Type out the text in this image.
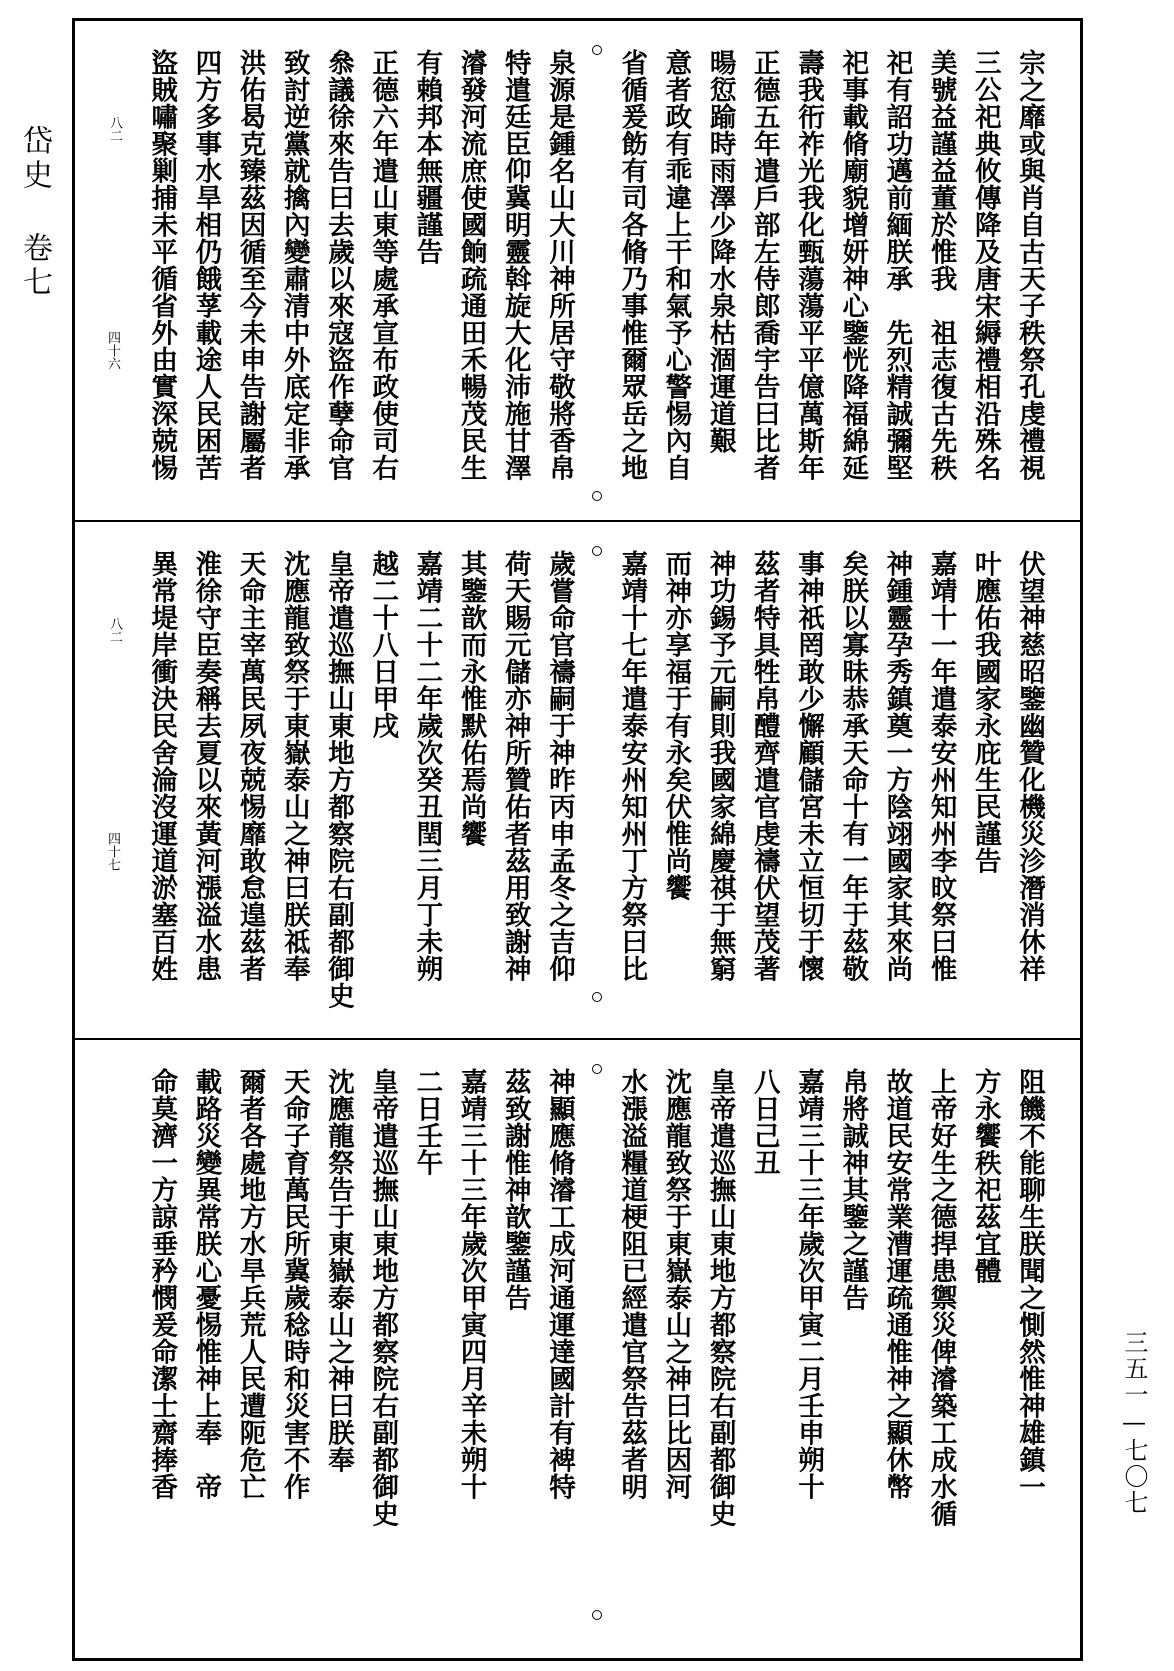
岱史 卷七
三五一—七〇七
宗之靡或與肖自古天子秩祭孔虔禮視
三公祀典攸傳降及唐宋縟禮相沿殊名
美號益謹益董於惟我　祖志復古先秩
祀有詔功邁前緬朕承　先烈精誠彌堅
祀事載脩廟貌增妍神心鑒恍降福綿延
壽我衎祚光我化甄蕩蕩平平億萬斯年
正德五年遣戶部左侍郎喬宇告曰比者
暘愆踰時雨澤少降水泉枯涸運道艱
意者政有乖違上干和氣予心警惕內自
省循爰飭有司各脩乃事惟爾眾岳之地
泉源是鍾名山大川神所居守敬將香帛
特遣廷臣仰冀明靈斡旋大化沛施甘澤
濬發河流庶使國餉疏通田禾暢茂民生
有賴邦本無疆謹告
正德六年遣山東等處承宣布政使司右
叅議徐來告曰去歲以來寇盜作孽命官
致討逆黨就擒內變肅清中外底定非承
洪佑曷克臻茲因循至今未申告謝屬者
四方多事水旱相仍餓莩載途人民困苦
盜賊嘯聚剿捕未平循省外由實深兢惕
四十六
八二
伏望神慈昭鑒幽贊化機災沴潛消休祥
叶應佑我國家永庇生民謹告
嘉靖十一年遣泰安州知州李旼祭曰惟
神鍾靈孕秀鎮奠一方陰翊國家其來尚
矣朕以寡昧恭承天命十有一年于茲敬
事神祇罔敢少懈顧儲宮未立恒切于懷
茲者特具牲帛醴齊遣官虔禱伏望茂著
神功錫予元嗣則我國家綿慶祺于無窮
而神亦享福于有永矣伏惟尚饗
嘉靖十七年遣泰安州知州丁方祭曰比
歲嘗命官禱嗣于神昨丙申孟冬之吉仰
荷天賜元儲亦神所贊佑者茲用致謝神
其鑒歆而永惟默佑焉尚饗
嘉靖二十二年歲次癸丑閏三月丁未朔
越二十八日甲戌
皇帝遣巡撫山東地方都察院右副都御史
沈應龍致祭于東嶽泰山之神曰朕祗奉
天命主宰萬民夙夜兢惕靡敢怠遑茲者
淮徐守臣奏稱去夏以來黃河漲溢水患
異常堤岸衝決民舍淪沒運道淤塞百姓
四十七
八二
阻饑不能聊生朕聞之惻然惟神雄鎮一
方永饗秩祀茲宜體
上帝好生之德捍患禦災俾濬築工成水循
故道民安常業漕運疏通惟神之顯休幣
帛將誠神其鑒之謹告
嘉靖三十三年歲次甲寅二月壬申朔十
八日己丑
皇帝遣巡撫山東地方都察院右副都御史
沈應龍致祭于東嶽泰山之神曰比因河
水漲溢糧道梗阻已經遣官祭告茲者明
神顯應脩濬工成河通運達國計有裨特
茲致謝惟神歆鑒謹告
嘉靖三十三年歲次甲寅四月辛未朔十
二日壬午
皇帝遣巡撫山東地方都察院右副都御史
沈應龍祭告于東嶽泰山之神曰朕奉
天命子育萬民所冀歲稔時和災害不作
爾者各處地方水旱兵荒人民遭阨危亡
載路災變異常朕心憂惕惟神上奉　帝
命莫濟一方諒垂矜憫爰命潔士齋捧香
